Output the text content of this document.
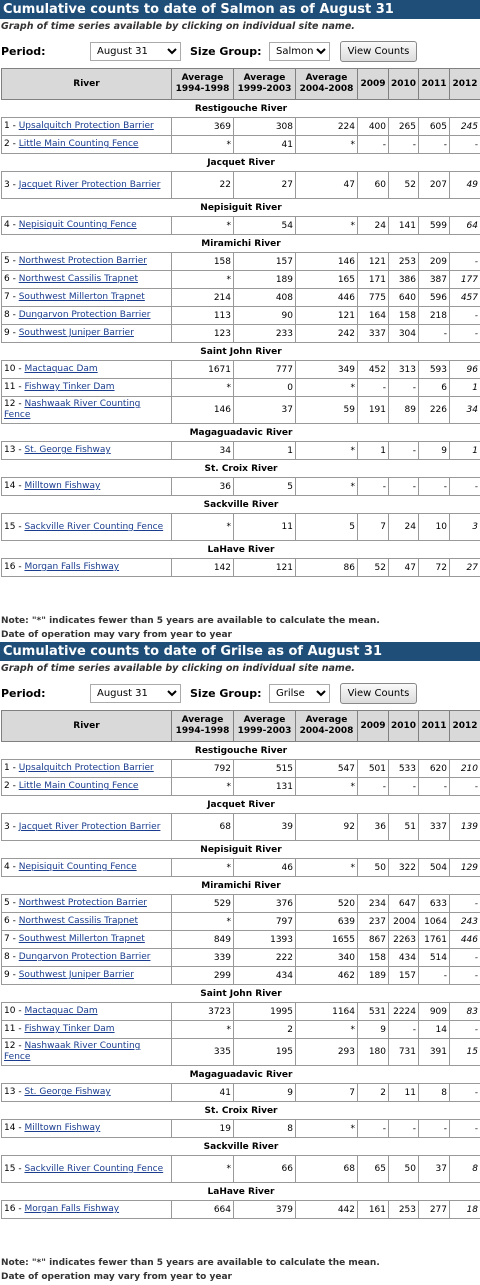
Cumulative counts to date of Salmon as of August 31
Graph of time series available by clicking on individual site name.
Period:
August 31	Size Group:
Salmon	View Counts
River	Average 1994-1998	Average 1999-2003	Average 2004-2008	2009	2010	2011	2012
Restigouche River							
1 - Upsalquitch Protection Barrier	369	308	224	400	265	605	245
2 - Little Main Counting Fence	*	41	*	-	-	-	-
Jacquet River							
3 - Jacquet River Protection Barrier	22	27	47	60	52	207	49
Nepisiguit River							
4 - Nepisiquit Counting Fence	*	54	*	24	141	599	64
Miramichi River							
5 - Northwest Protection Barrier	158	157	146	121	253	209	-
6 - Northwest Cassilis Trapnet	*	189	165	171	386	387	177
7 - Southwest Millerton Trapnet	214	408	446	775	640	596	457
8 - Dungarvon Protection Barrier	113	90	121	164	158	218	-
9 - Southwest Juniper Barrier	123	233	242	337	304	-	-
Saint John River							
10 - Mactaquac Dam	1671	777	349	452	313	593	96
11 - Fishway Tinker Dam	*	0	*	-	-	6	1
12 - Nashwaak River Counting Fence	146	37	59	191	89	226	34
Magaguadavic River							
13 - St. George Fishway	34	1	*	1	-	9	1
St. Croix River							
14 - Milltown Fishway	36	5	*	-	-	-	-
Sackville River							
15 - Sackville River Counting Fence	*	11	5	7	24	10	3
LaHave River							
16 - Morgan Falls Fishway	142	121	86	52	47	72	27
Note: "*" indicates fewer than 5 years are available to calculate the mean.
Date of operation may vary from year to year
Cumulative counts to date of Grilse as of August 31
Graph of time series available by clicking on individual site name.
Period:
August 31	Size Group:
Grilse	View Counts
River	Average 1994-1998	Average 1999-2003	Average 2004-2008	2009	2010	2011	2012
Restigouche River							
1 - Upsalquitch Protection Barrier	792	515	547	501	533	620	210
2 - Little Main Counting Fence	*	131	*	-	-	-	-
Jacquet River							
3 - Jacquet River Protection Barrier	68	39	92	36	51	337	139
Nepisiguit River							
4 - Nepisiquit Counting Fence	*	46	*	50	322	504	129
Miramichi River							
5 - Northwest Protection Barrier	529	376	520	234	647	633	-
6 - Northwest Cassilis Trapnet	*	797	639	237	2004	1064	243
7 - Southwest Millerton Trapnet	849	1393	1655	867	2263	1761	446
8 - Dungarvon Protection Barrier	339	222	340	158	434	514	-
9 - Southwest Juniper Barrier	299	434	462	189	157	-	-
Saint John River							
10 - Mactaquac Dam	3723	1995	1164	531	2224	909	83
11 - Fishway Tinker Dam	*	2	*	9	-	14	-
12 - Nashwaak River Counting Fence	335	195	293	180	731	391	15
Magaguadavic River							
13 - St. George Fishway	41	9	7	2	11	8	-
St. Croix River							
14 - Milltown Fishway	19	8	*	-	-	-	-
Sackville River							
15 - Sackville River Counting Fence	*	66	68	65	50	37	8
LaHave River							
16 - Morgan Falls Fishway	664	379	442	161	253	277	18
Note: "*" indicates fewer than 5 years are available to calculate the mean.
Date of operation may vary from year to year
